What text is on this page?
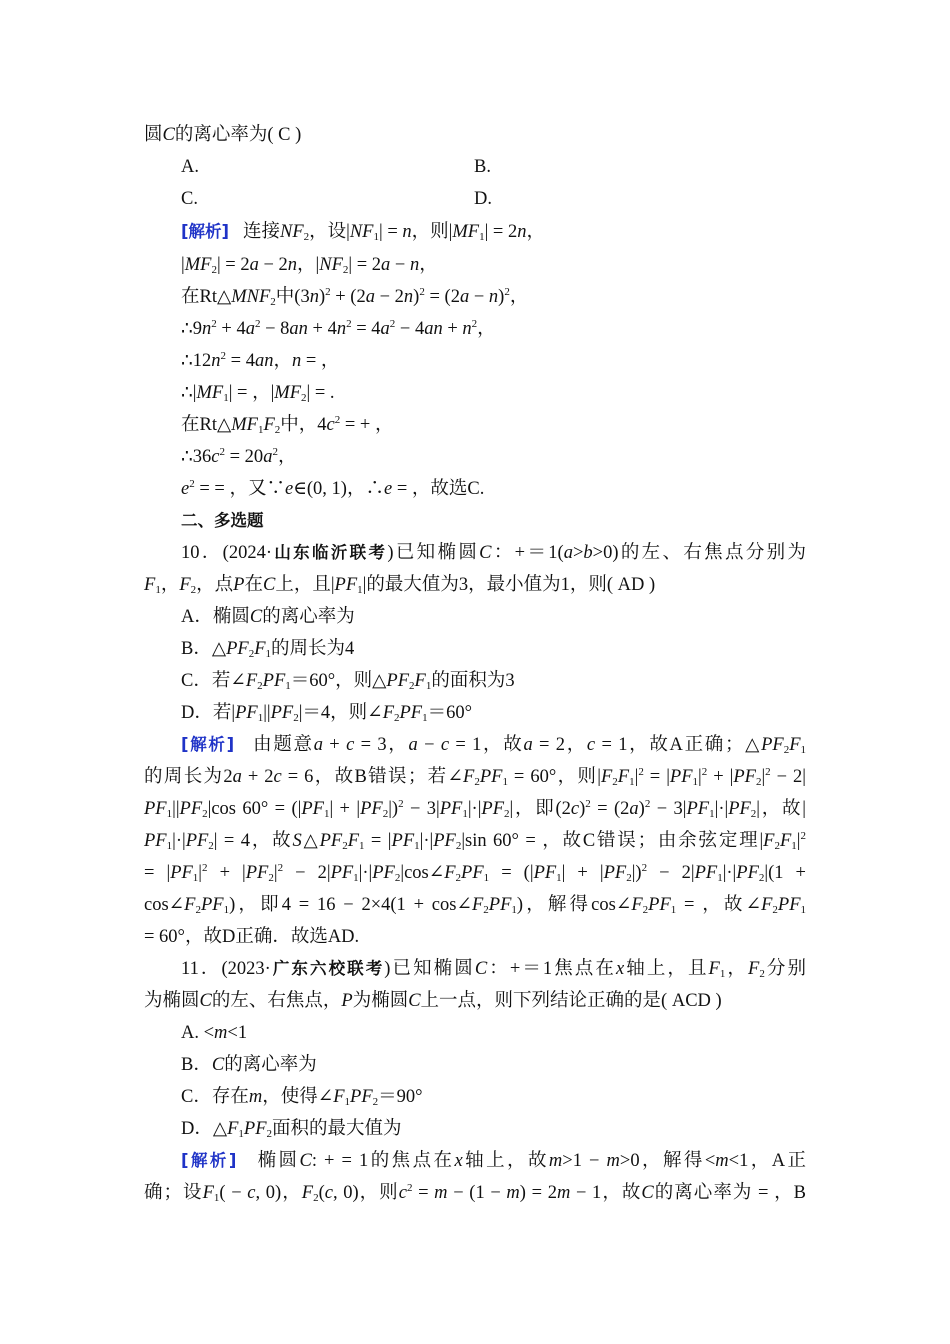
圆C的离心率为( C )
A.	B.
C.	D.
[解析] 连接$NF_2$，设$|NF_1| = n$，则$|MF_1| = 2n$，
$|MF_2| = 2a - 2n$，$|NF_2| = 2a - n$，
在$Rt\triangle MNF_2$中$(3n)^2 + (2a - 2n)^2 = (2a - n)^2$，
$\therefore 9n^2 + 4a^2 - 8an + 4n^2 = 4a^2 - 4an + n^2$，
$\therefore 12n^2 = 4an$，n = ，
$\therefore|MF_1|$ = ，$|MF_2|$ = .
在$Rt\triangle MF_1F_2$中，$4c^2$ = + ，
$\therefore 36c^2 = 20a^2$，
$e^2$ = = ，又∵e∈(0, 1)，∴e = ，故选C.
二、多选题
10．(2024·山东临沂联考)已知椭圆C：+＝1(a>b>0)的左、右焦点分别为
$F_1$，$F_2$，点P在C上，且$|PF_1|$的最大值为3，最小值为1，则( AD )
A．椭圆C的离心率为
B．$\triangle PF_2F_1$的周长为4
C．若$\angle F_2PF_1=60^\circ$，则$\triangle PF_2F_1$的面积为3
D．若$|PF_1||PF_2|=4$，则$\angle F_2PF_1=60^\circ$
[解析] 由题意a + c = 3，a − c = 1，故a = 2，c = 1，故A正确；$\triangle PF_2F_1$
的周长为2a + 2c = 6，故B错误；若$\angle F_2PF_1 = 60^\circ$，则$|F_2F_1|^2 = |PF_1|^2 + |PF_2|^2 - 2|$
$PF_1||PF_2|\cos$ $60^\circ = (|PF_1| + |PF_2|)^2 - 3|PF_1|\cdot|PF_2|$，即$(2c)^2 = (2a)^2 - 3|PF_1|\cdot|PF_2|$，故|
$PF_1|\cdot|PF_2| = 4$，故$S\triangle PF_2F_1 = |PF_1|\cdot|PF_2|\sin$ 60° = ，故C错误；由余弦定理$|F_2F_1|^2$
= $|PF_1|^2 + |PF_2|^2$ − $2|PF_1|\cdot|PF_2|\cos\angle F_2PF_1 = (|PF_1| + |PF_2|)^2 - 2|PF_1|\cdot|PF_2|(1$ +
$\cos\angle F_2PF_1$)，即$4 = 16 - 2\times 4(1 + \cos\angle F_2PF_1)$，解得$\cos\angle F_2PF_1$ = ，故$\angle F_2PF_1$
= 60°，故D正确．故选AD.
11．(2023·广东六校联考)已知椭圆C：+＝1焦点在x轴上，且$F_1$，$F_2$分别
为椭圆C的左、右焦点，P为椭圆C上一点，则下列结论正确的是( ACD )
A. <m<1
B．C的离心率为
C．存在m，使得$\angle F_1PF_2=90^\circ$
D．$\triangle F_1PF_2$面积的最大值为
[解析] 椭圆C: + = 1的焦点在x轴上，故m>1 − m>0，解得<m<1，A正
确；设$F_1( - c$, 0)，$F_2(c$, 0)，则$c^2 = m - (1 - m) = 2m - 1$，故C的离心率为 = ，B
